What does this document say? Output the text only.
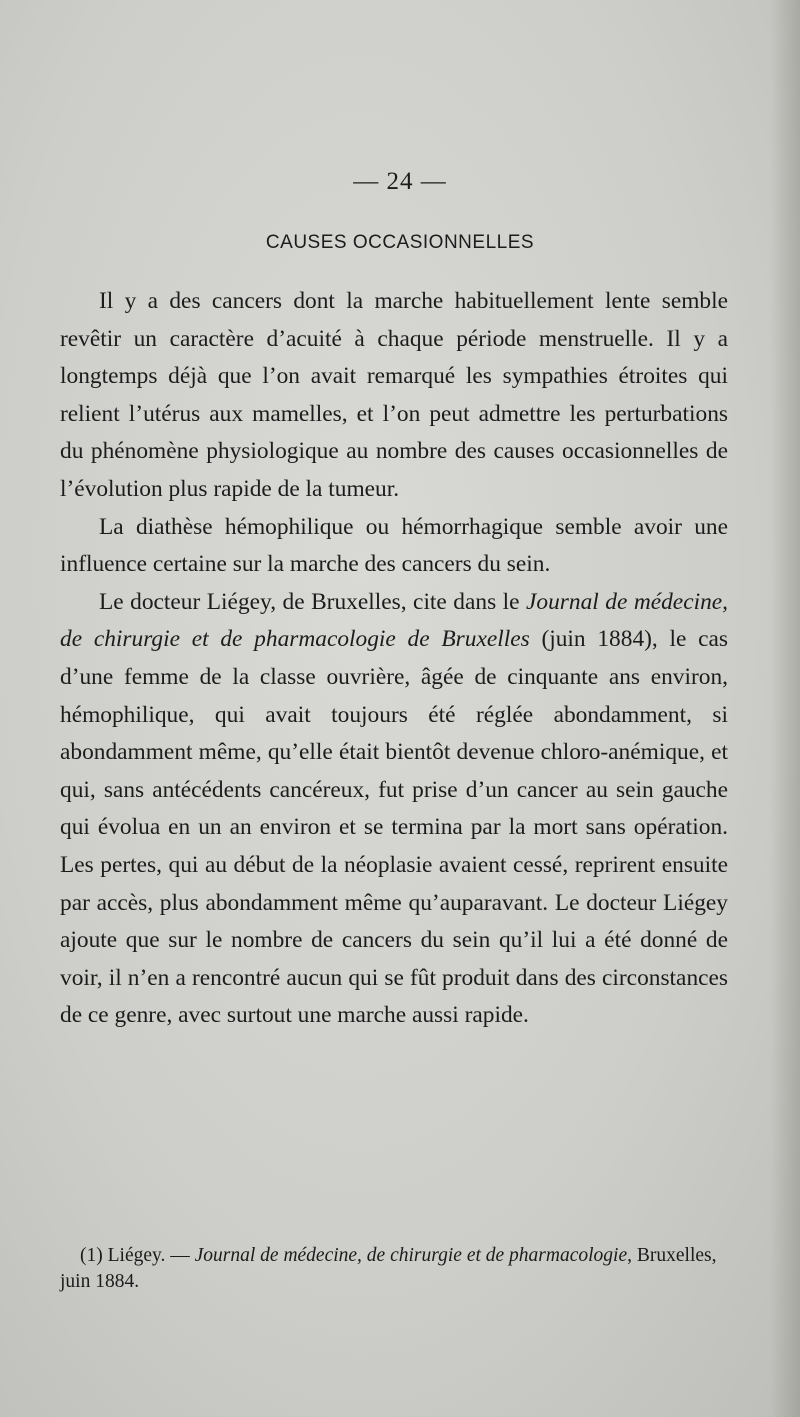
— 24 —
CAUSES OCCASIONNELLES

Il y a des cancers dont la marche habituellement lente semble revêtir un caractère d’acuité à chaque période menstruelle. Il y a longtemps déjà que l’on avait remarqué les sympathies étroites qui relient l’utérus aux mamelles, et l’on peut admettre les perturbations du phénomène physiologique au nombre des causes occasionnelles de l’évolution plus rapide de la tumeur.

La diathèse hémophilique ou hémorrhagique semble avoir une influence certaine sur la marche des cancers du sein.

Le docteur Liégey, de Bruxelles, cite dans le Journal de médecine, de chirurgie et de pharmacologie de Bruxelles (juin 1884), le cas d’une femme de la classe ouvrière, âgée de cinquante ans environ, hémophilique, qui avait toujours été réglée abondamment, si abondamment même, qu’elle était bientôt devenue chloro-anémique, et qui, sans antécédents cancéreux, fut prise d’un cancer au sein gauche qui évolua en un an environ et se termina par la mort sans opération. Les pertes, qui au début de la néoplasie avaient cessé, reprirent ensuite par accès, plus abondamment même qu’auparavant. Le docteur Liégey ajoute que sur le nombre de cancers du sein qu’il lui a été donné de voir, il n’en a rencontré aucun qui se fût produit dans des circonstances de ce genre, avec surtout une marche aussi rapide.

(1) Liégey. — Journal de médecine, de chirurgie et de pharmacologie, Bruxelles, juin 1884.
